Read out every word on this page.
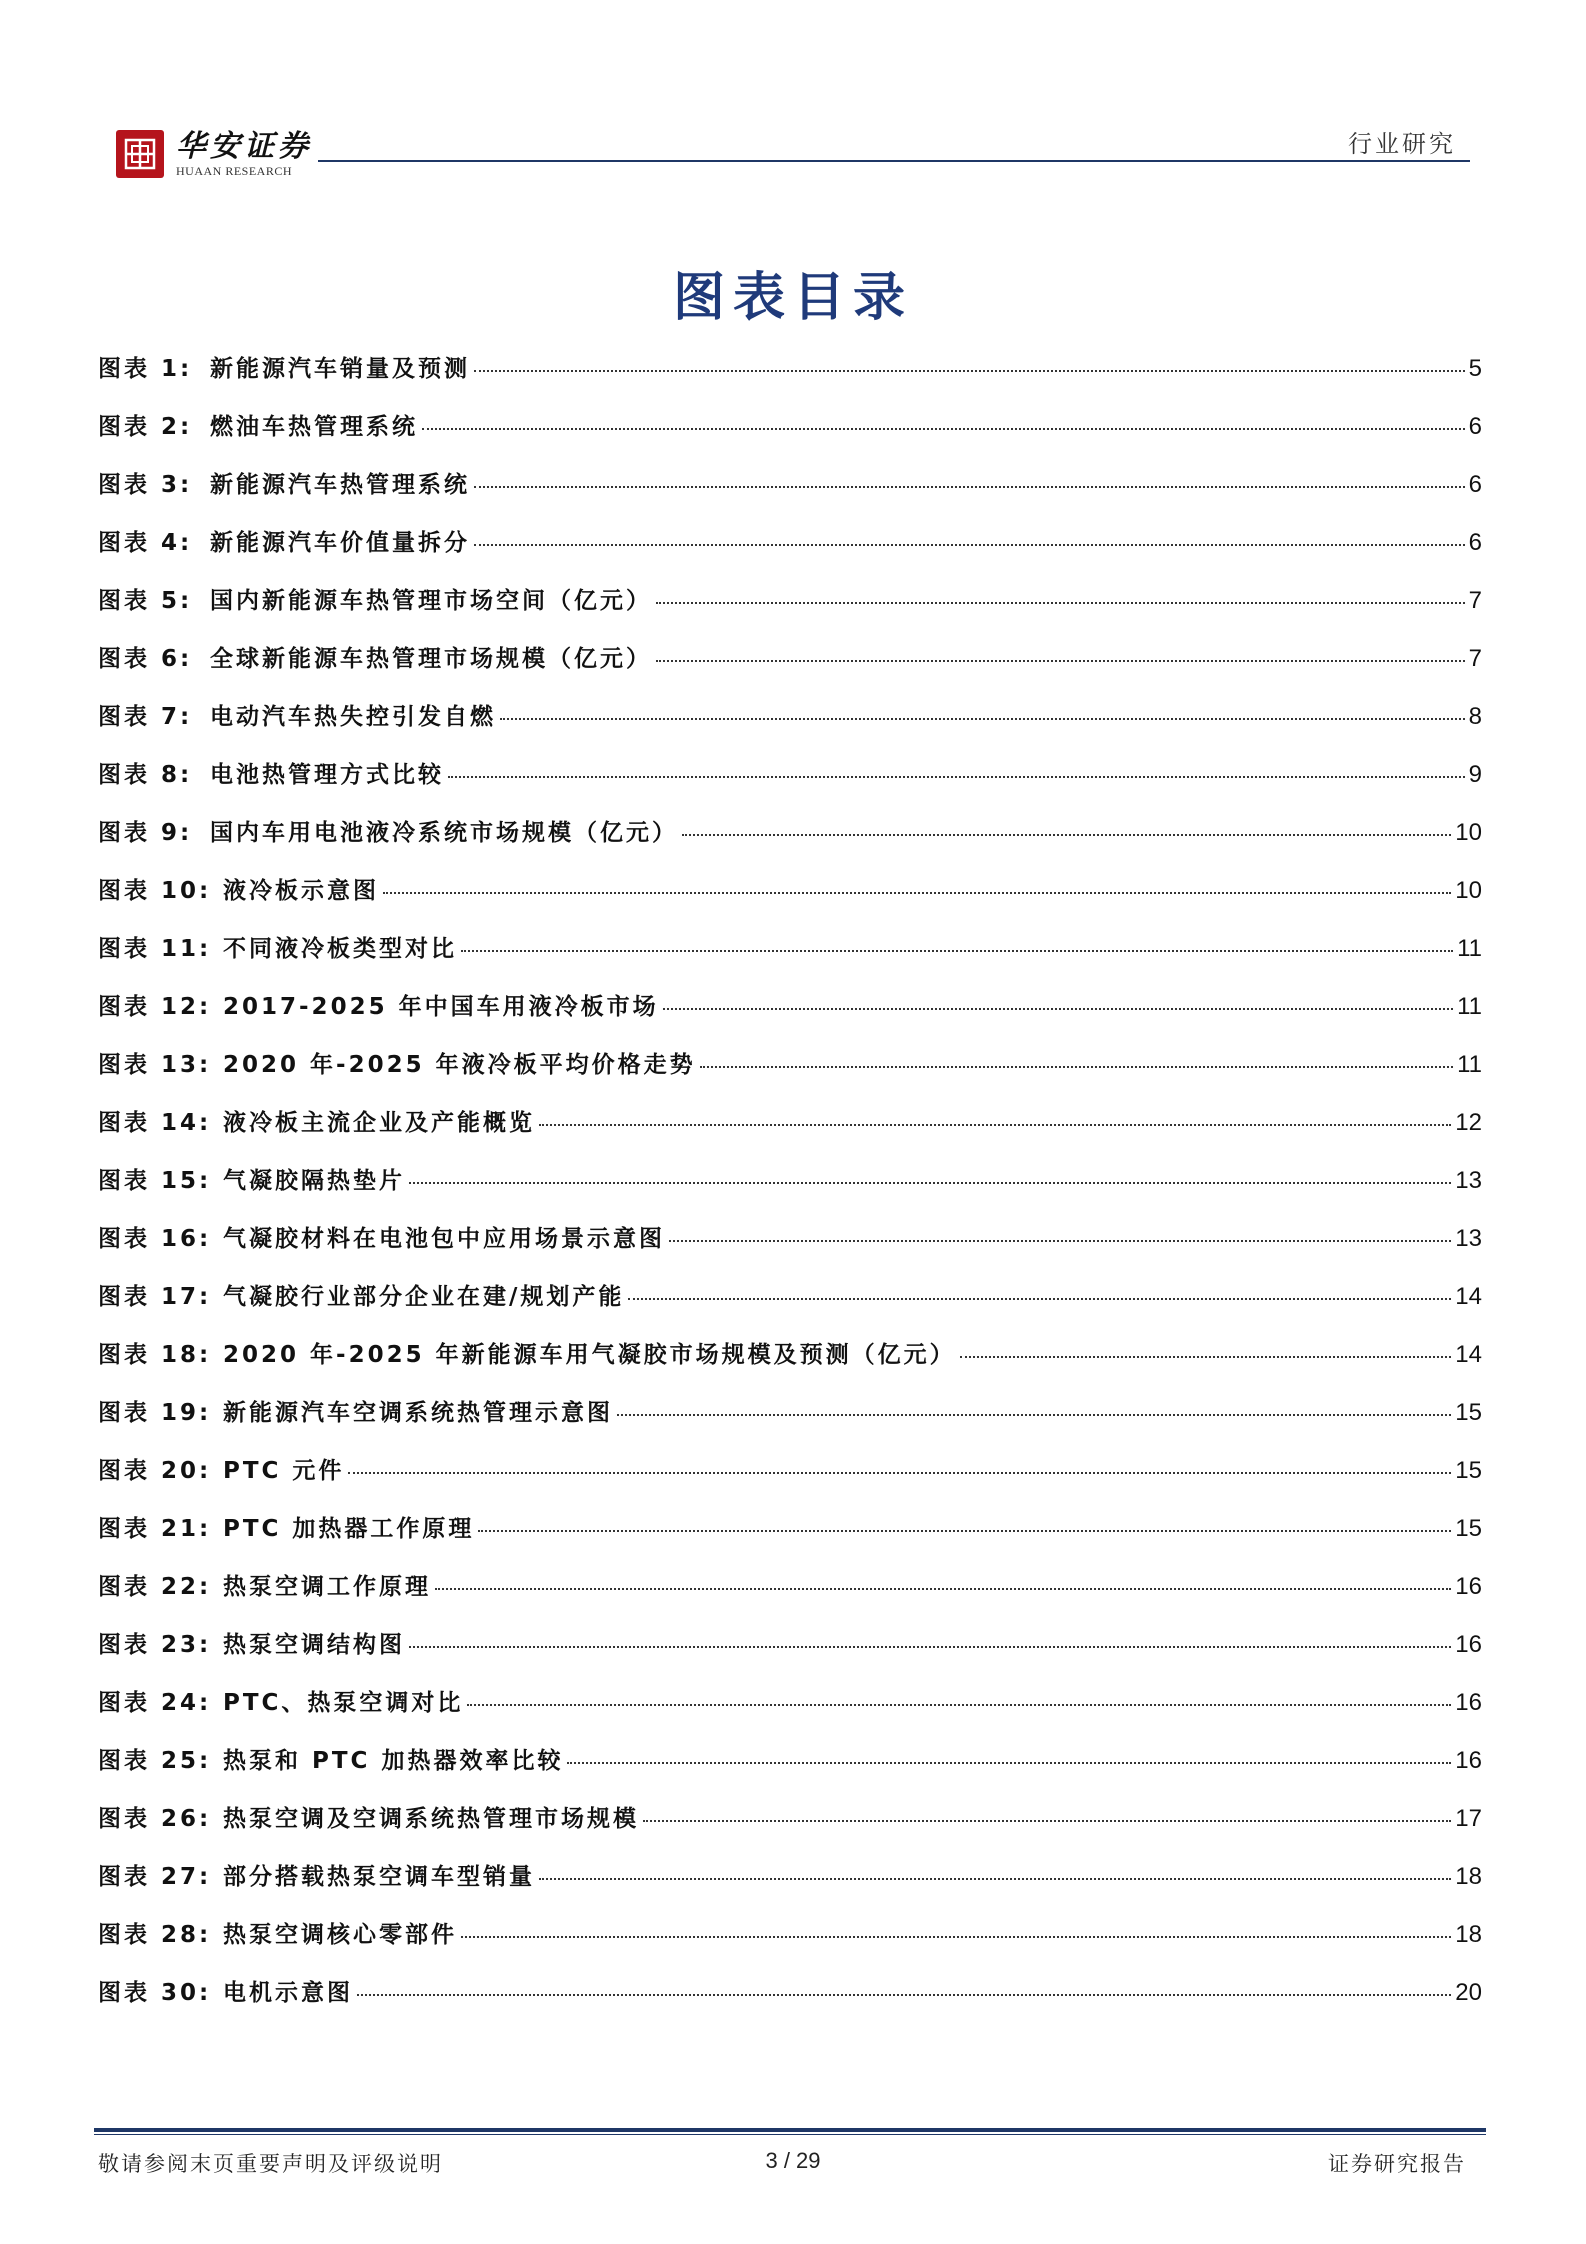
华安证券
HUAAN RESEARCH
行业研究
图表目录
图表 1: 新能源汽车销量及预测	5
图表 2: 燃油车热管理系统	6
图表 3: 新能源汽车热管理系统	6
图表 4: 新能源汽车价值量拆分	6
图表 5: 国内新能源车热管理市场空间（亿元）	7
图表 6: 全球新能源车热管理市场规模（亿元）	7
图表 7: 电动汽车热失控引发自燃	8
图表 8: 电池热管理方式比较	9
图表 9: 国内车用电池液冷系统市场规模（亿元）	10
图表 10: 液冷板示意图	10
图表 11: 不同液冷板类型对比	11
图表 12: 2017-2025 年中国车用液冷板市场	11
图表 13: 2020 年-2025 年液冷板平均价格走势	11
图表 14: 液冷板主流企业及产能概览	12
图表 15: 气凝胶隔热垫片	13
图表 16: 气凝胶材料在电池包中应用场景示意图	13
图表 17: 气凝胶行业部分企业在建/规划产能	14
图表 18: 2020 年-2025 年新能源车用气凝胶市场规模及预测（亿元）	14
图表 19: 新能源汽车空调系统热管理示意图	15
图表 20: PTC 元件	15
图表 21: PTC 加热器工作原理	15
图表 22: 热泵空调工作原理	16
图表 23: 热泵空调结构图	16
图表 24: PTC、热泵空调对比	16
图表 25: 热泵和 PTC 加热器效率比较	16
图表 26: 热泵空调及空调系统热管理市场规模	17
图表 27: 部分搭载热泵空调车型销量	18
图表 28: 热泵空调核心零部件	18
图表 30: 电机示意图	20
敬请参阅末页重要声明及评级说明	3 / 29	证券研究报告
